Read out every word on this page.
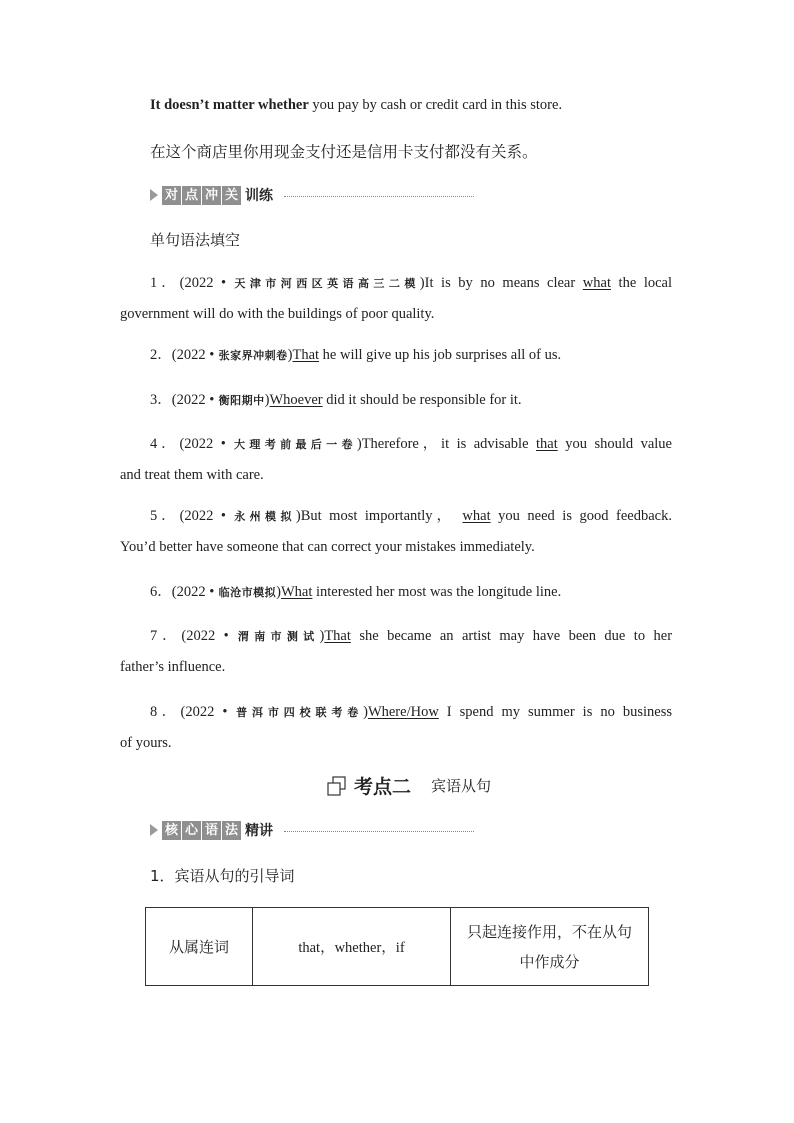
It doesn’t matter whether you pay by cash or credit card in this store.
在这个商店里你用现金支付还是信用卡支付都没有关系。
对 点 冲 关 训练
单句语法填空
1．(2022 • 天津市河西区英语高三二模)It is by no means clear what the local
government will do with the buildings of poor quality.
2．(2022 • 张家界冲刺卷)That he will give up his job surprises all of us.
3．(2022 • 衡阳期中)Whoever did it should be responsible for it.
4．(2022 • 大理考前最后一卷)Therefore，it is advisable that you should value
and treat them with care.
5．(2022 • 永州模拟)But most importantly， what you need is good feedback.
You’d better have someone that can correct your mistakes immediately.
6．(2022 • 临沧市模拟)What interested her most was the longitude line.
7．(2022 • 渭南市测试)That she became an artist may have been due to her
father’s influence.
8．(2022 • 普洱市四校联考卷)Where/How I spend my summer is no business
of yours.
考点二 宾语从句
核 心 语 法 精讲
1．宾语从句的引导词
从属连词	that，whether，if	只起连接作用，不在从句中作成分
